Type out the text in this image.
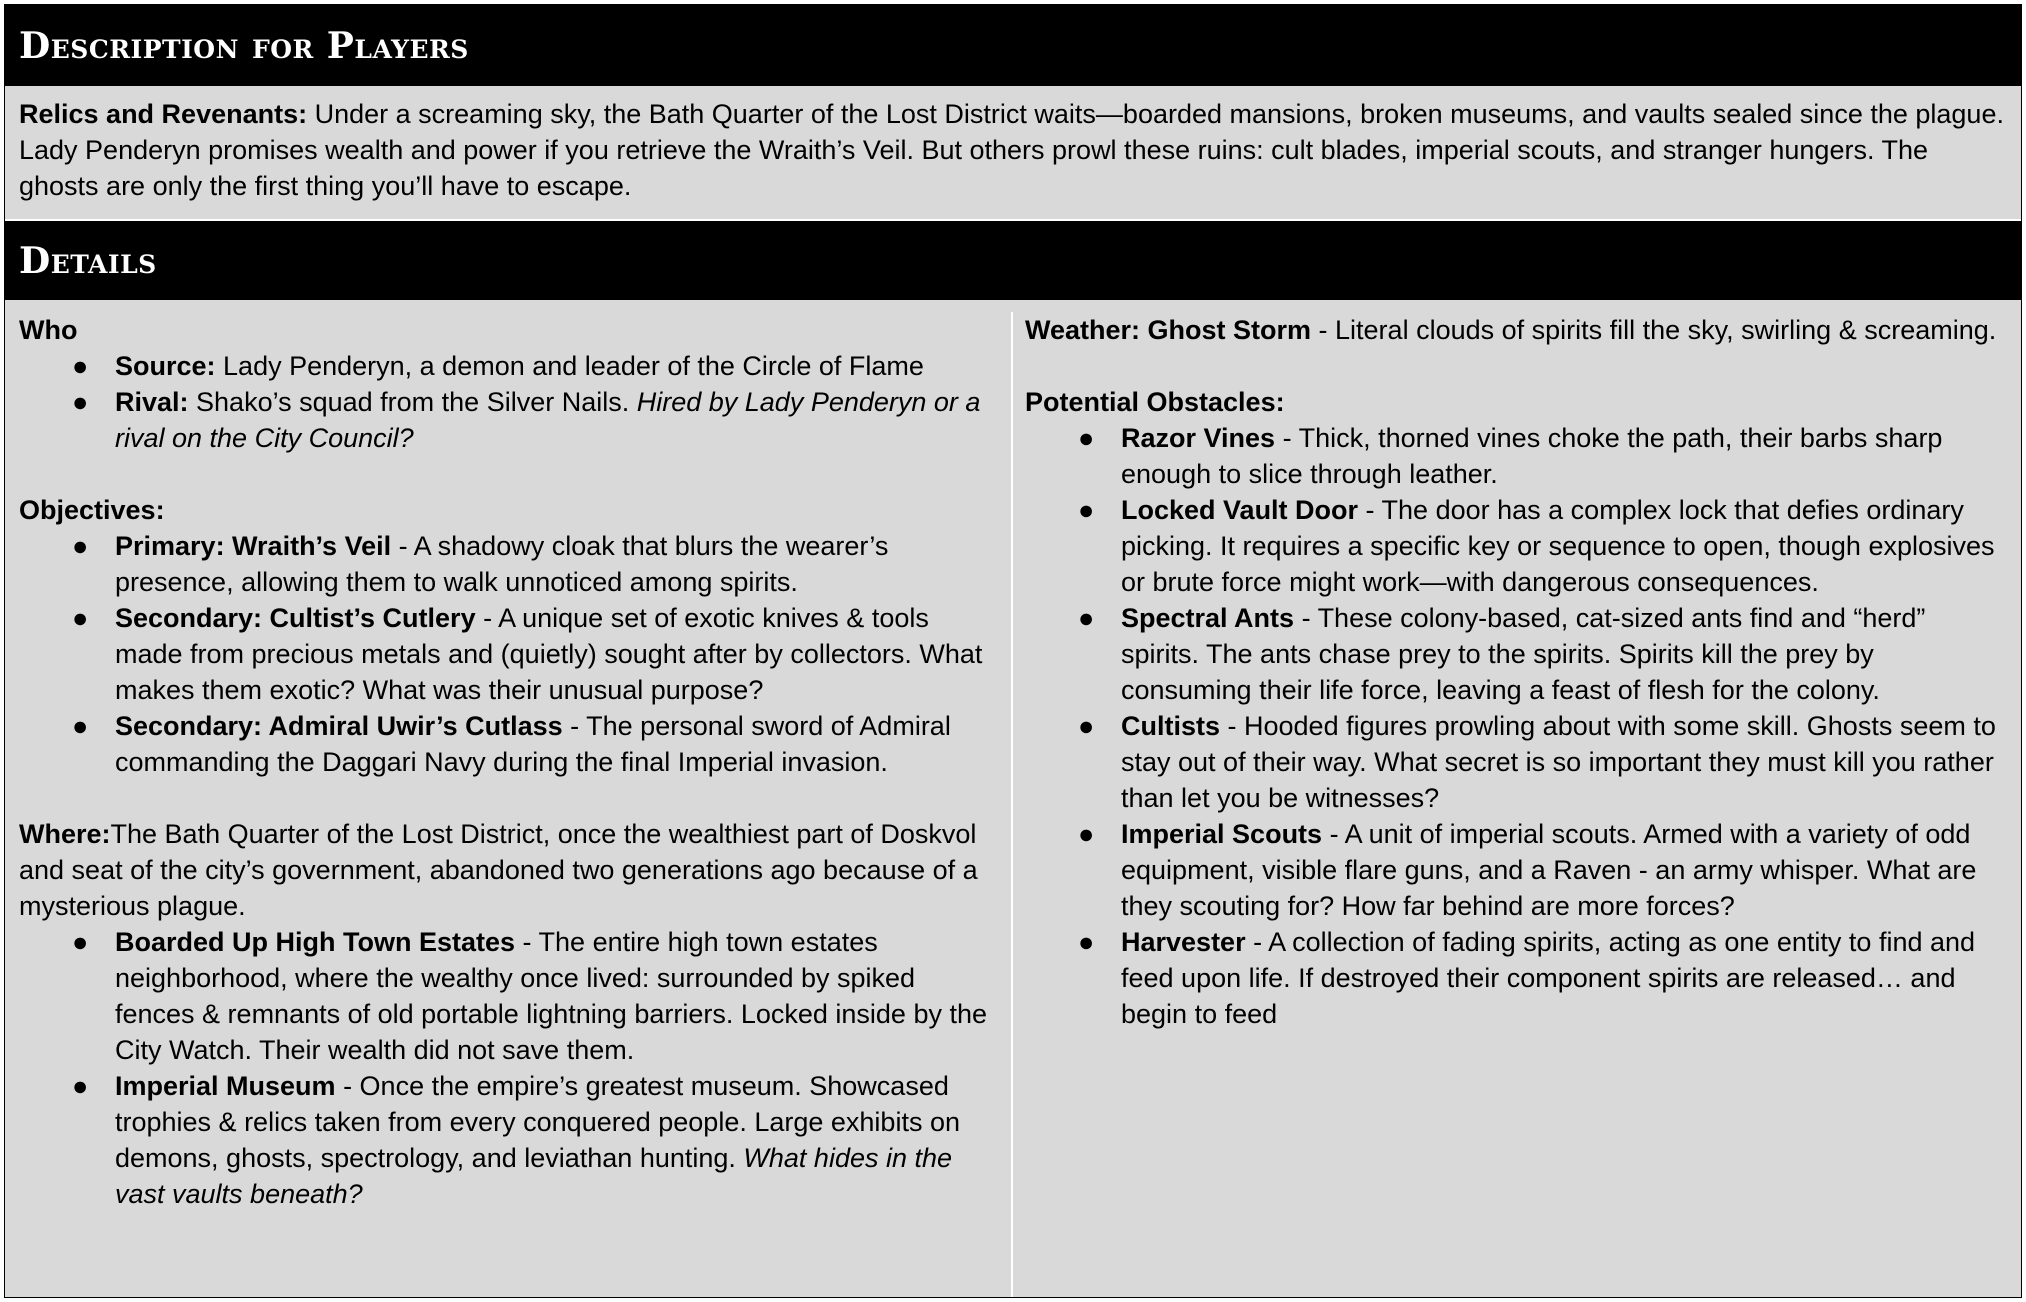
Description for Players
Relics and Revenants: Under a screaming sky, the Bath Quarter of the Lost District waits—boarded mansions, broken museums, and vaults sealed since the plague. Lady Penderyn promises wealth and power if you retrieve the Wraith’s Veil. But others prowl these ruins: cult blades, imperial scouts, and stranger hungers. The ghosts are only the first thing you’ll have to escape.
Details
Who
● Source: Lady Penderyn, a demon and leader of the Circle of Flame
● Rival: Shako’s squad from the Silver Nails. Hired by Lady Penderyn or a rival on the City Council?
Objectives:
● Primary: Wraith’s Veil - A shadowy cloak that blurs the wearer’s presence, allowing them to walk unnoticed among spirits.
● Secondary: Cultist’s Cutlery - A unique set of exotic knives & tools made from precious metals and (quietly) sought after by collectors. What makes them exotic? What was their unusual purpose?
● Secondary: Admiral Uwir’s Cutlass - The personal sword of Admiral commanding the Daggari Navy during the final Imperial invasion.
Where:The Bath Quarter of the Lost District, once the wealthiest part of Doskvol and seat of the city’s government, abandoned two generations ago because of a mysterious plague.
● Boarded Up High Town Estates - The entire high town estates neighborhood, where the wealthy once lived: surrounded by spiked fences & remnants of old portable lightning barriers. Locked inside by the City Watch. Their wealth did not save them.
● Imperial Museum - Once the empire’s greatest museum. Showcased trophies & relics taken from every conquered people. Large exhibits on demons, ghosts, spectrology, and leviathan hunting. What hides in the vast vaults beneath?
Weather: Ghost Storm - Literal clouds of spirits fill the sky, swirling & screaming.
Potential Obstacles:
● Razor Vines - Thick, thorned vines choke the path, their barbs sharp enough to slice through leather.
● Locked Vault Door - The door has a complex lock that defies ordinary picking. It requires a specific key or sequence to open, though explosives or brute force might work—with dangerous consequences.
● Spectral Ants - These colony-based, cat-sized ants find and “herd” spirits. The ants chase prey to the spirits. Spirits kill the prey by consuming their life force, leaving a feast of flesh for the colony.
● Cultists - Hooded figures prowling about with some skill. Ghosts seem to stay out of their way. What secret is so important they must kill you rather than let you be witnesses?
● Imperial Scouts - A unit of imperial scouts. Armed with a variety of odd equipment, visible flare guns, and a Raven - an army whisper. What are they scouting for? How far behind are more forces?
● Harvester - A collection of fading spirits, acting as one entity to find and feed upon life. If destroyed their component spirits are released… and begin to feed
